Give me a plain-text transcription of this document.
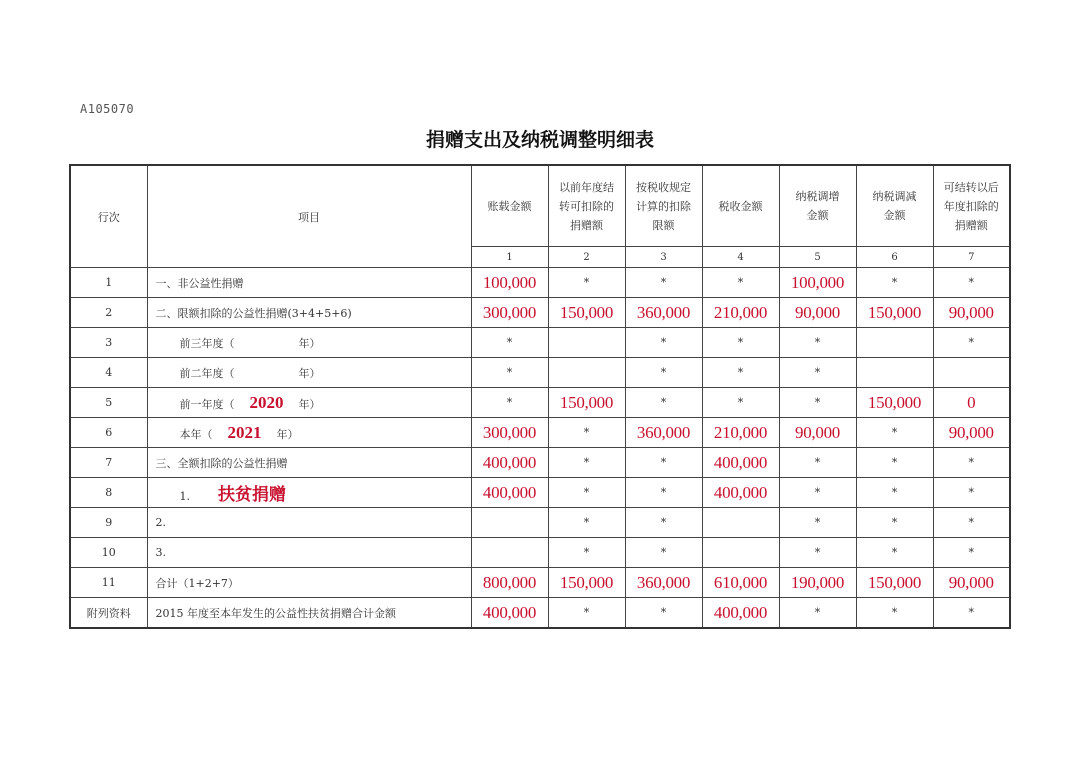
A105070
捐赠支出及纳税调整明细表
行次	项目	账载金额	以前年度结转可扣除的捐赠额	按税收规定计算的扣除限额	税收金额	纳税调增金额	纳税调减金额	可结转以后年度扣除的捐赠额
		1	2	3	4	5	6	7
1	一、非公益性捐赠	100,000	*	*	*	100,000	*	*
2	二、限额扣除的公益性捐赠(3+4+5+6)	300,000	150,000	360,000	210,000	90,000	150,000	90,000
3	前三年度（ 年）	*		*	*	*		*
4	前二年度（ 年）	*		*	*	*		
5	前一年度（ 2020 年）	*	150,000	*	*	*	150,000	0
6	本年（ 2021 年）	300,000	*	360,000	210,000	90,000	*	90,000
7	三、全额扣除的公益性捐赠	400,000	*	*	400,000	*	*	*
8	1. 扶贫捐赠	400,000	*	*	400,000	*	*	*
9	2.		*	*		*	*	*
10	3.		*	*		*	*	*
11	合计（1+2+7）	800,000	150,000	360,000	610,000	190,000	150,000	90,000
附列资料	2015 年度至本年发生的公益性扶贫捐赠合计金额	400,000	*	*	400,000	*	*	*
